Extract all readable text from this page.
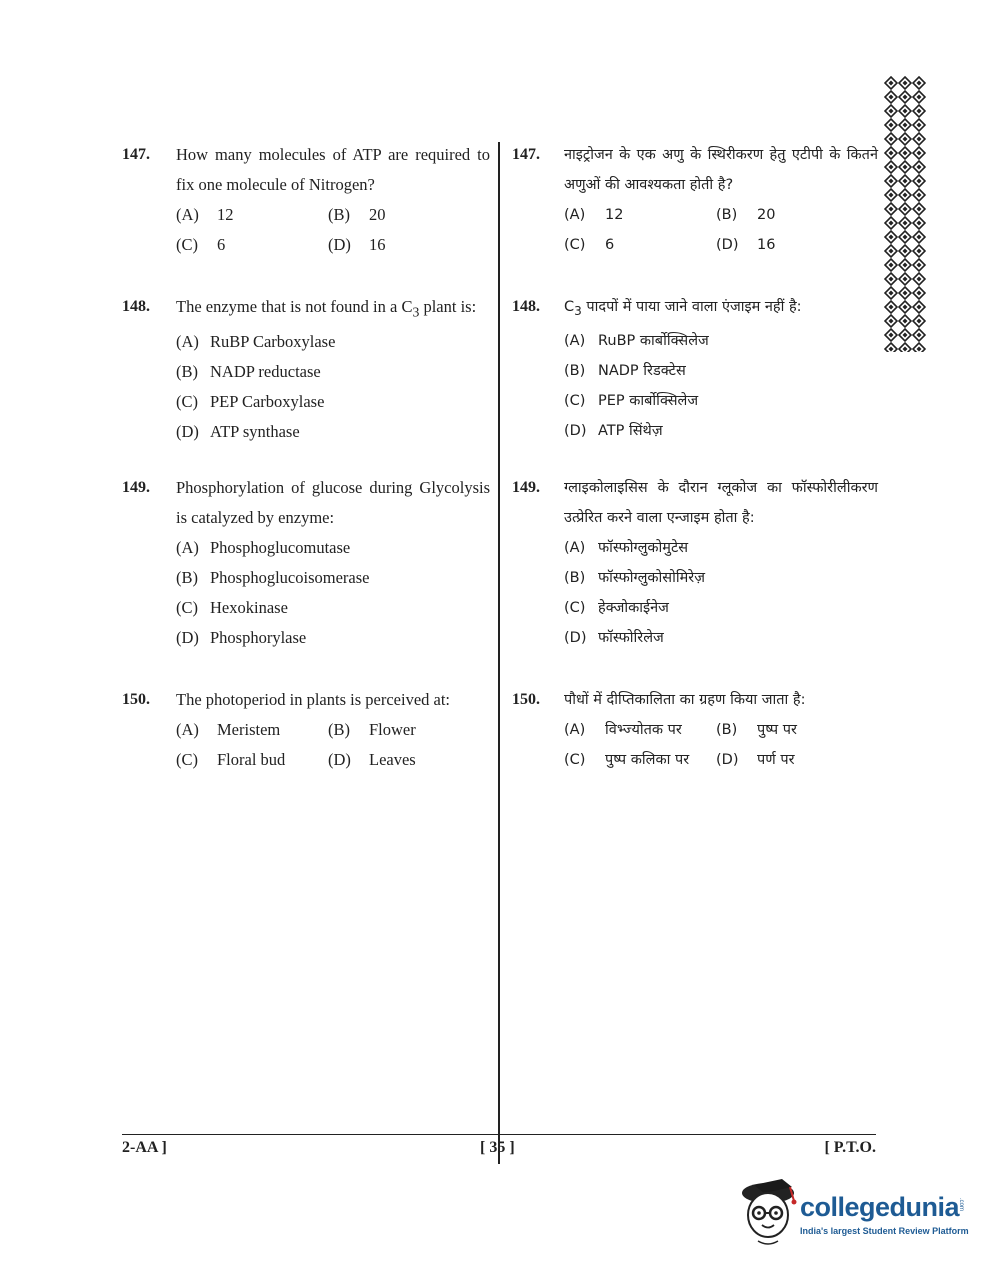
147. How many molecules of ATP are required to fix one molecule of Nitrogen?
(A) 12	(B) 20
(C) 6	(D) 16
148. The enzyme that is not found in a $C_3$ plant is:
(A) RuBP Carboxylase
(B) NADP reductase
(C) PEP Carboxylase
(D) ATP synthase
149. Phosphorylation of glucose during Glycolysis is catalyzed by enzyme:
(A) Phosphoglucomutase
(B) Phosphoglucoisomerase
(C) Hexokinase
(D) Phosphorylase
150. The photoperiod in plants is perceived at:
(A) Meristem	(B) Flower
(C) Floral bud	(D) Leaves
147. नाइट्रोजन के एक अणु के स्थिरीकरण हेतु एटीपी के कितने अणुओं की आवश्यकता होती है?
(A) 12	(B) 20
(C) 6	(D) 16
148. $C_3$ पादपों में पाया जाने वाला एंजाइम नहीं है:
(A) RuBP कार्बोक्सिलेज
(B) NADP रिडक्टेस
(C) PEP कार्बोक्सिलेज
(D) ATP सिंथेज़
149. ग्लाइकोलाइसिस के दौरान ग्लूकोज का फॉस्फोरीलीकरण उत्प्रेरित करने वाला एन्जाइम होता है:
(A) फॉस्फोग्लुकोमुटेस
(B) फॉस्फोग्लुकोसोमिरेज़
(C) हेक्जोकाईनेज
(D) फॉस्फोरिलेज
150. पौधों में दीप्तिकालिता का ग्रहण किया जाता है:
(A) विभ्ज्योतक पर	(B) पुष्प पर
(C) पुष्प कलिका पर	(D) पर्ण पर
2-AA ]	[ 35 ]	[ P.T.O.
collegedunia
.com
India's largest Student Review Platform
